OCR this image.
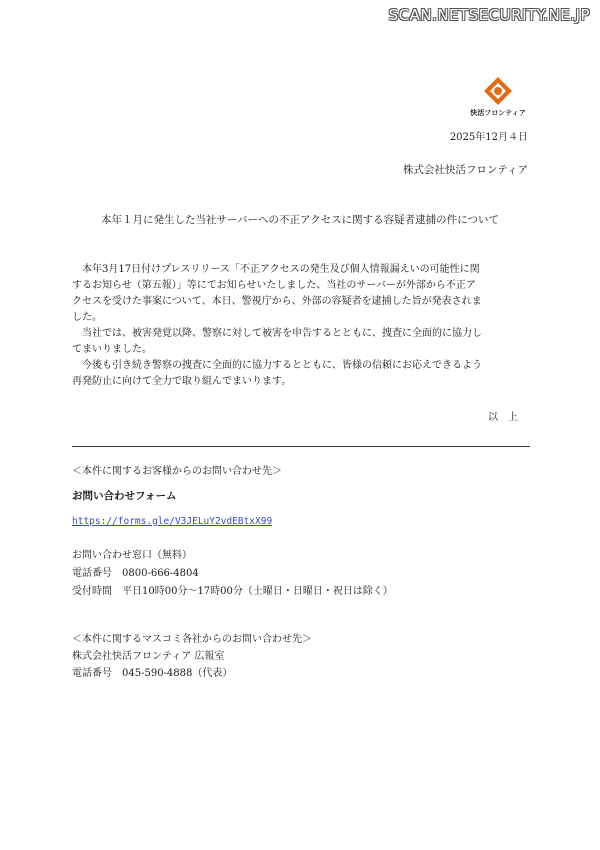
SCAN.NETSECURITY.NE.JP
快活フロンティア
2025年12月４日
株式会社快活フロンティア
本年１月に発生した当社サーバーへの不正アクセスに関する容疑者逮捕の件について

　本年3月17日付けプレスリリース「不正アクセスの発生及び個人情報漏えいの可能性に関

するお知らせ（第五報）」等にてお知らせいたしました、当社のサーバーが外部から不正ア

クセスを受けた事案について、本日、警視庁から、外部の容疑者を逮捕した旨が発表されま

した。

　当社では、被害発覚以降、警察に対して被害を申告するとともに、捜査に全面的に協力し

てまいりました。

　今後も引き続き警察の捜査に全面的に協力するとともに、皆様の信頼にお応えできるよう

再発防止に向けて全力で取り組んでまいります。

以上
＜本件に関するお客様からのお問い合わせ先＞
お問い合わせフォーム
https://forms.gle/V3JELuY2vdEBtxX99
お問い合わせ窓口（無料）
電話番号 0800-666-4804
受付時間 平日10時00分～17時00分（土曜日・日曜日・祝日は除く）
＜本件に関するマスコミ各社からのお問い合わせ先＞
株式会社快活フロンティア 広報室
電話番号 045-590-4888（代表）
